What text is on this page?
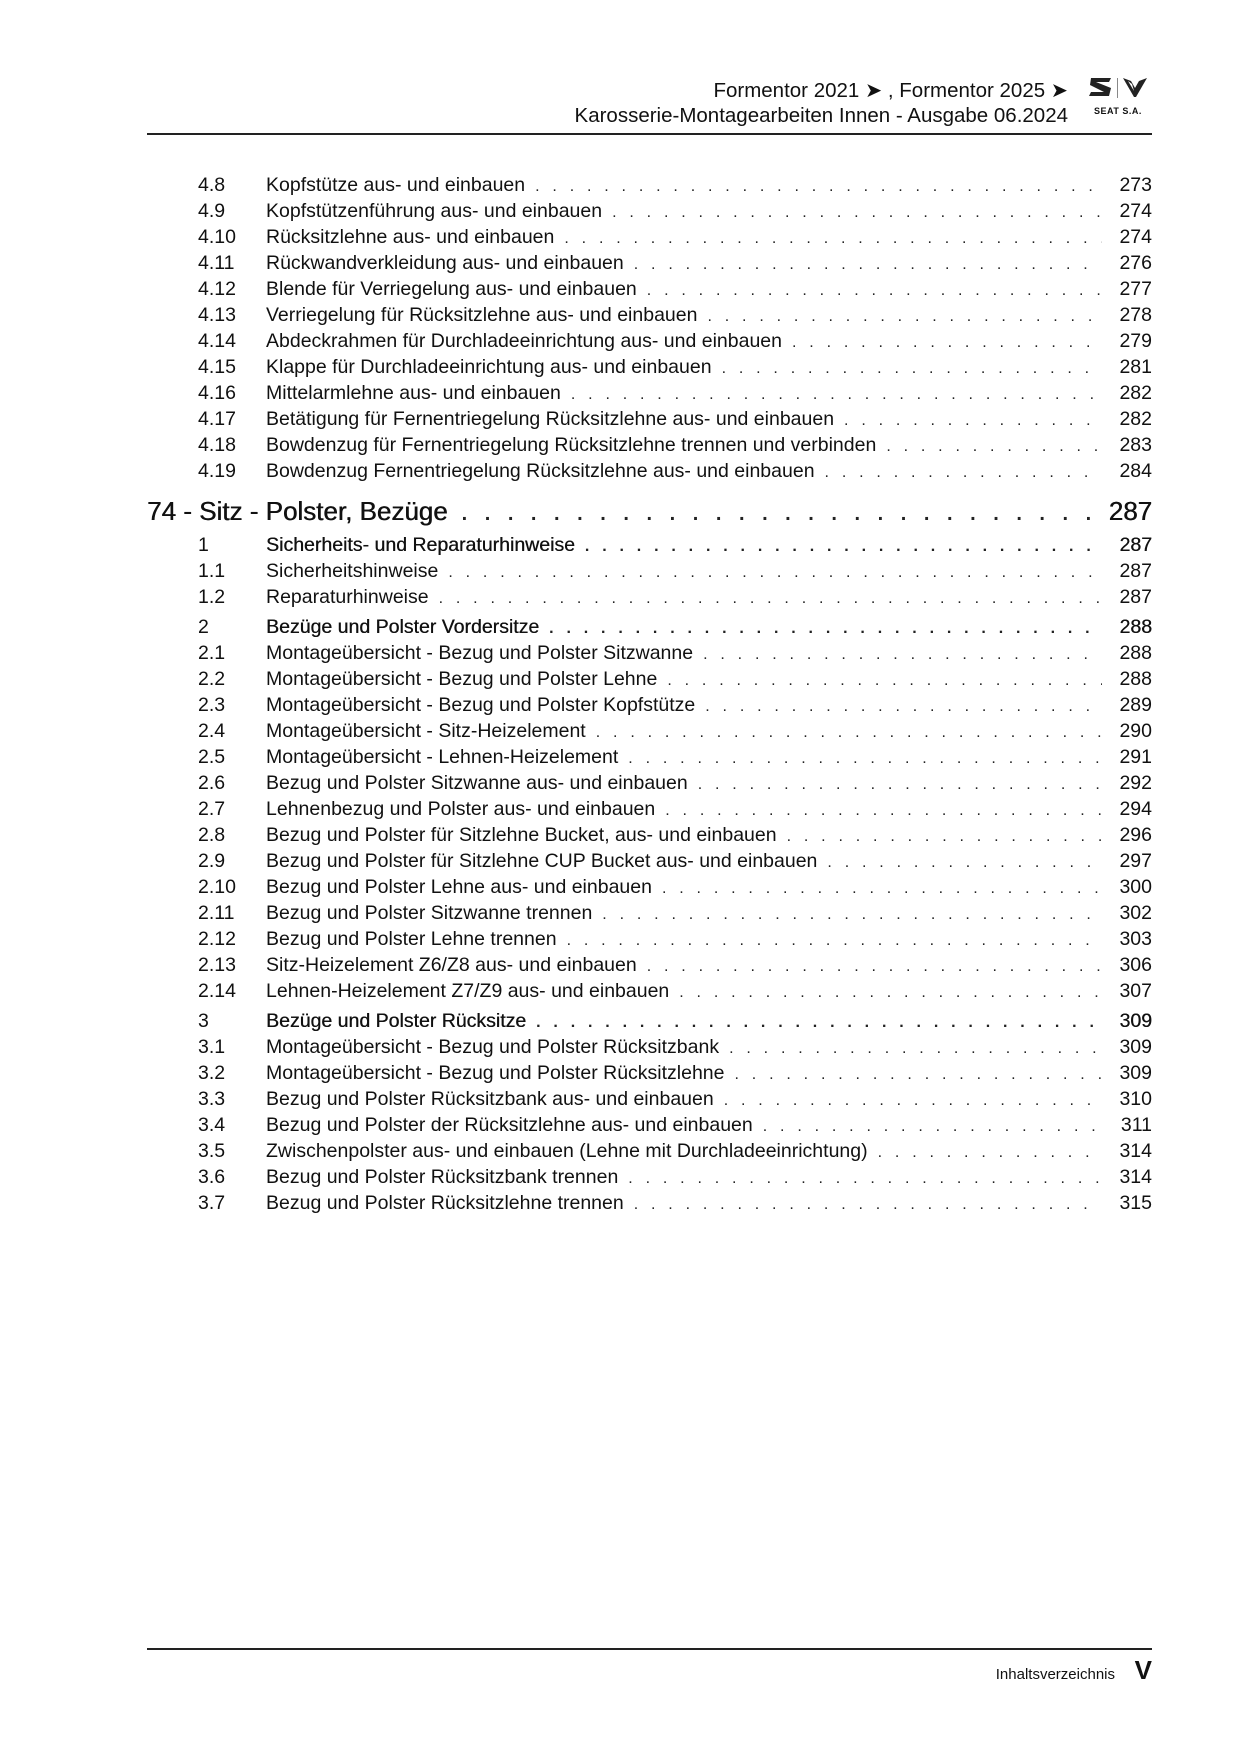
Formentor 2021 ➤ , Formentor 2025 ➤
Karosserie-Montagearbeiten Innen - Ausgabe 06.2024	SEAT S.A.
4.8	Kopfstütze aus- und einbauen . . .	273
4.9	Kopfstützenführung aus- und einbauen . . .	274
4.10	Rücksitzlehne aus- und einbauen . . .	274
4.11	Rückwandverkleidung aus- und einbauen . . .	276
4.12	Blende für Verriegelung aus- und einbauen . . .	277
4.13	Verriegelung für Rücksitzlehne aus- und einbauen . . .	278
4.14	Abdeckrahmen für Durchladeeinrichtung aus- und einbauen . . .	279
4.15	Klappe für Durchladeeinrichtung aus- und einbauen . . .	281
4.16	Mittelarmlehne aus- und einbauen . . .	282
4.17	Betätigung für Fernentriegelung Rücksitzlehne aus- und einbauen . . .	282
4.18	Bowdenzug für Fernentriegelung Rücksitzlehne trennen und verbinden . . .	283
4.19	Bowdenzug Fernentriegelung Rücksitzlehne aus- und einbauen . . .	284
74 - Sitz - Polster, Bezüge . . .	287
1	Sicherheits- und Reparaturhinweise . . .	287
1.1	Sicherheitshinweise . . .	287
1.2	Reparaturhinweise . . .	287
2	Bezüge und Polster Vordersitze . . .	288
2.1	Montageübersicht - Bezug und Polster Sitzwanne . . .	288
2.2	Montageübersicht - Bezug und Polster Lehne . . .	288
2.3	Montageübersicht - Bezug und Polster Kopfstütze . . .	289
2.4	Montageübersicht - Sitz-Heizelement . . .	290
2.5	Montageübersicht - Lehnen-Heizelement . . .	291
2.6	Bezug und Polster Sitzwanne aus- und einbauen . . .	292
2.7	Lehnenbezug und Polster aus- und einbauen . . .	294
2.8	Bezug und Polster für Sitzlehne Bucket, aus- und einbauen . . .	296
2.9	Bezug und Polster für Sitzlehne CUP Bucket aus- und einbauen . . .	297
2.10	Bezug und Polster Lehne aus- und einbauen . . .	300
2.11	Bezug und Polster Sitzwanne trennen . . .	302
2.12	Bezug und Polster Lehne trennen . . .	303
2.13	Sitz-Heizelement Z6/Z8 aus- und einbauen . . .	306
2.14	Lehnen-Heizelement Z7/Z9 aus- und einbauen . . .	307
3	Bezüge und Polster Rücksitze . . .	309
3.1	Montageübersicht - Bezug und Polster Rücksitzbank . . .	309
3.2	Montageübersicht - Bezug und Polster Rücksitzlehne . . .	309
3.3	Bezug und Polster Rücksitzbank aus- und einbauen . . .	310
3.4	Bezug und Polster der Rücksitzlehne aus- und einbauen . . .	311
3.5	Zwischenpolster aus- und einbauen (Lehne mit Durchladeeinrichtung) . . .	314
3.6	Bezug und Polster Rücksitzbank trennen . . .	314
3.7	Bezug und Polster Rücksitzlehne trennen . . .	315
Inhaltsverzeichnis V
